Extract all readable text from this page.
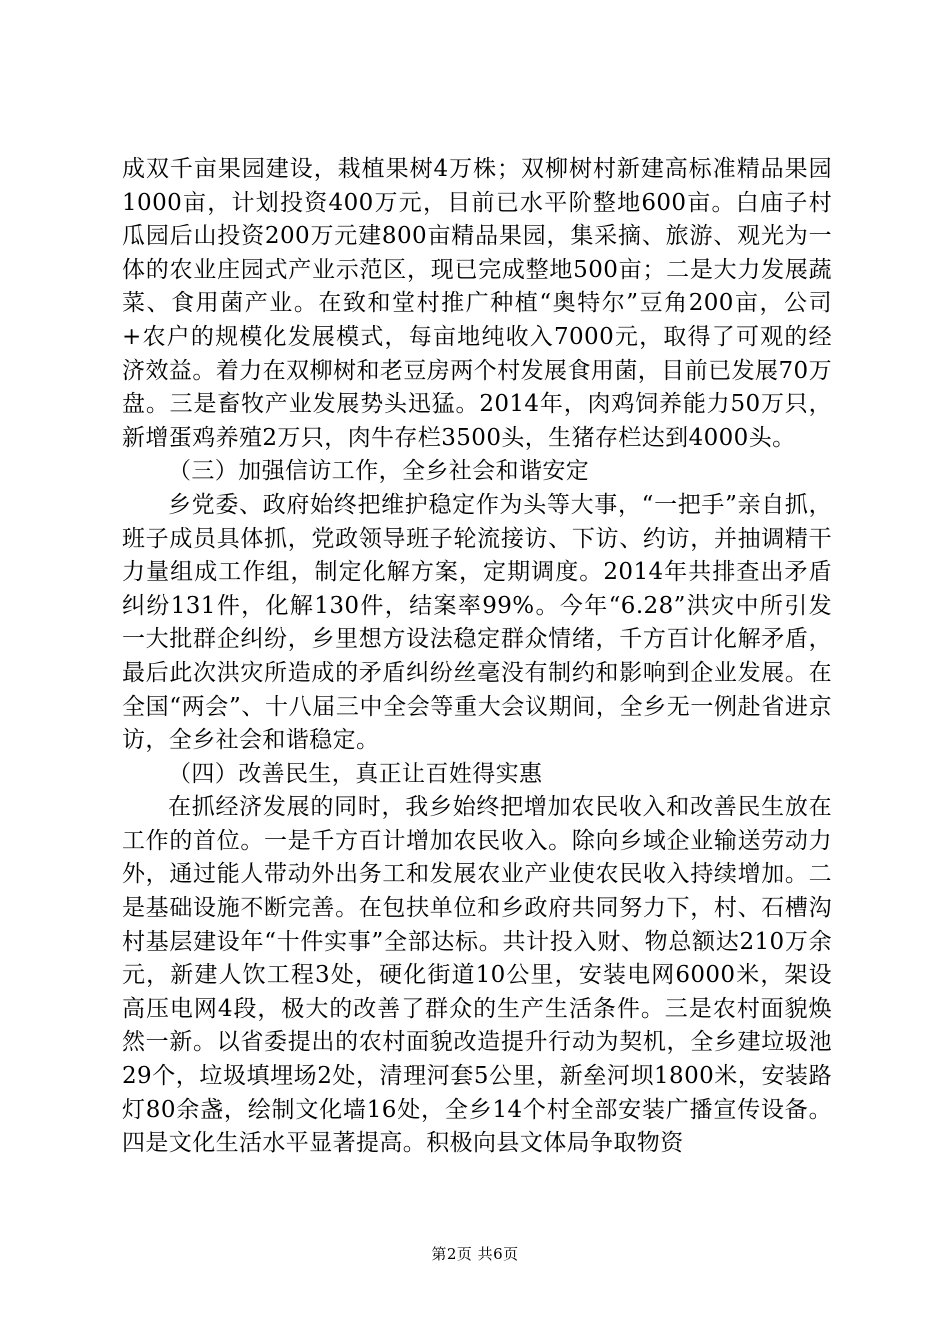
成双千亩果园建设，栽植果树4万株；双柳树村新建高标准精品果园1000亩，计划投资400万元，目前已水平阶整地600亩。白庙子村瓜园后山投资200万元建800亩精品果园，集采摘、旅游、观光为一体的农业庄园式产业示范区，现已完成整地500亩；二是大力发展蔬菜、食用菌产业。在致和堂村推广种植“奥特尔”豆角200亩，公司+农户的规模化发展模式，每亩地纯收入7000元，取得了可观的经济效益。着力在双柳树和老豆房两个村发展食用菌，目前已发展70万盘。三是畜牧产业发展势头迅猛。2014年，肉鸡饲养能力50万只，新增蛋鸡养殖2万只，肉牛存栏3500头，生猪存栏达到4000头。

（三）加强信访工作，全乡社会和谐安定

乡党委、政府始终把维护稳定作为头等大事，“一把手”亲自抓，班子成员具体抓，党政领导班子轮流接访、下访、约访，并抽调精干力量组成工作组，制定化解方案，定期调度。2014年共排查出矛盾纠纷131件，化解130件，结案率99%。今年“6.28”洪灾中所引发一大批群企纠纷，乡里想方设法稳定群众情绪，千方百计化解矛盾，最后此次洪灾所造成的矛盾纠纷丝毫没有制约和影响到企业发展。在全国“两会”、十八届三中全会等重大会议期间，全乡无一例赴省进京访，全乡社会和谐稳定。

（四）改善民生，真正让百姓得实惠

在抓经济发展的同时，我乡始终把增加农民收入和改善民生放在工作的首位。一是千方百计增加农民收入。除向乡域企业输送劳动力外，通过能人带动外出务工和发展农业产业使农民收入持续增加。二是基础设施不断完善。在包扶单位和乡政府共同努力下，村、石槽沟村基层建设年“十件实事”全部达标。共计投入财、物总额达210万余元，新建人饮工程3处，硬化街道10公里，安装电网6000米，架设高压电网4段，极大的改善了群众的生产生活条件。三是农村面貌焕然一新。以省委提出的农村面貌改造提升行动为契机，全乡建垃圾池29个，垃圾填埋场2处，清理河套5公里，新垒河坝1800米，安装路灯80余盏，绘制文化墙16处，全乡14个村全部安装广播宣传设备。四是文化生活水平显著提高。积极向县文体局争取物资

第2页 共6页
